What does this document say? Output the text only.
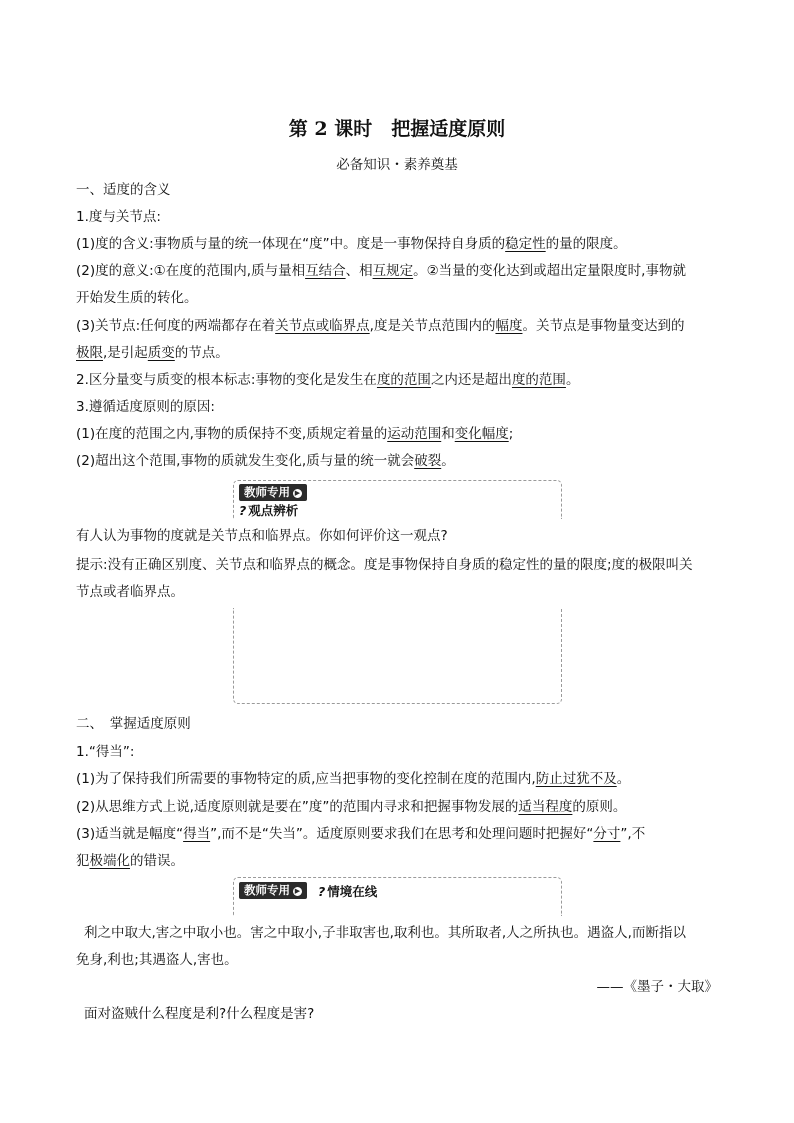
第 2 课时　把握适度原则
必备知识・素养奠基
一、适度的含义
1.度与关节点:
(1)度的含义:事物质与量的统一体现在“度”中。度是一事物保持自身质的稳定性的量的限度。
(2)度的意义:①在度的范围内,质与量相互结合、相互规定。②当量的变化达到或超出定量限度时,事物就
开始发生质的转化。
(3)关节点:任何度的两端都存在着关节点或临界点,度是关节点范围内的幅度。关节点是事物量变达到的
极限,是引起质变的节点。
2.区分量变与质变的根本标志:事物的变化是发生在度的范围之内还是超出度的范围。
3.遵循适度原则的原因:
(1)在度的范围之内,事物的质保持不变,质规定着量的运动范围和变化幅度;
(2)超出这个范围,事物的质就发生变化,质与量的统一就会破裂。
教师专用 ▶
? 观点辨析
有人认为事物的度就是关节点和临界点。你如何评价这一观点?
提示:没有正确区别度、关节点和临界点的概念。度是事物保持自身质的稳定性的量的限度;度的极限叫关
节点或者临界点。
二、　掌握适度原则
1.“得当”:
(1)为了保持我们所需要的事物特定的质,应当把事物的变化控制在度的范围内,防止过犹不及。
(2)从思维方式上说,适度原则就是要在”度”的范围内寻求和把握事物发展的适当程度的原则。
(3)适当就是幅度“得当”,而不是“失当”。适度原则要求我们在思考和处理问题时把握好“分寸”,不
犯极端化的错误。
教师专用 ▶	? 情境在线
利之中取大,害之中取小也。害之中取小,子非取害也,取利也。其所取者,人之所执也。遇盗人,而断指以
免身,利也;其遇盗人,害也。
——《墨子・大取》
面对盗贼什么程度是利?什么程度是害?
